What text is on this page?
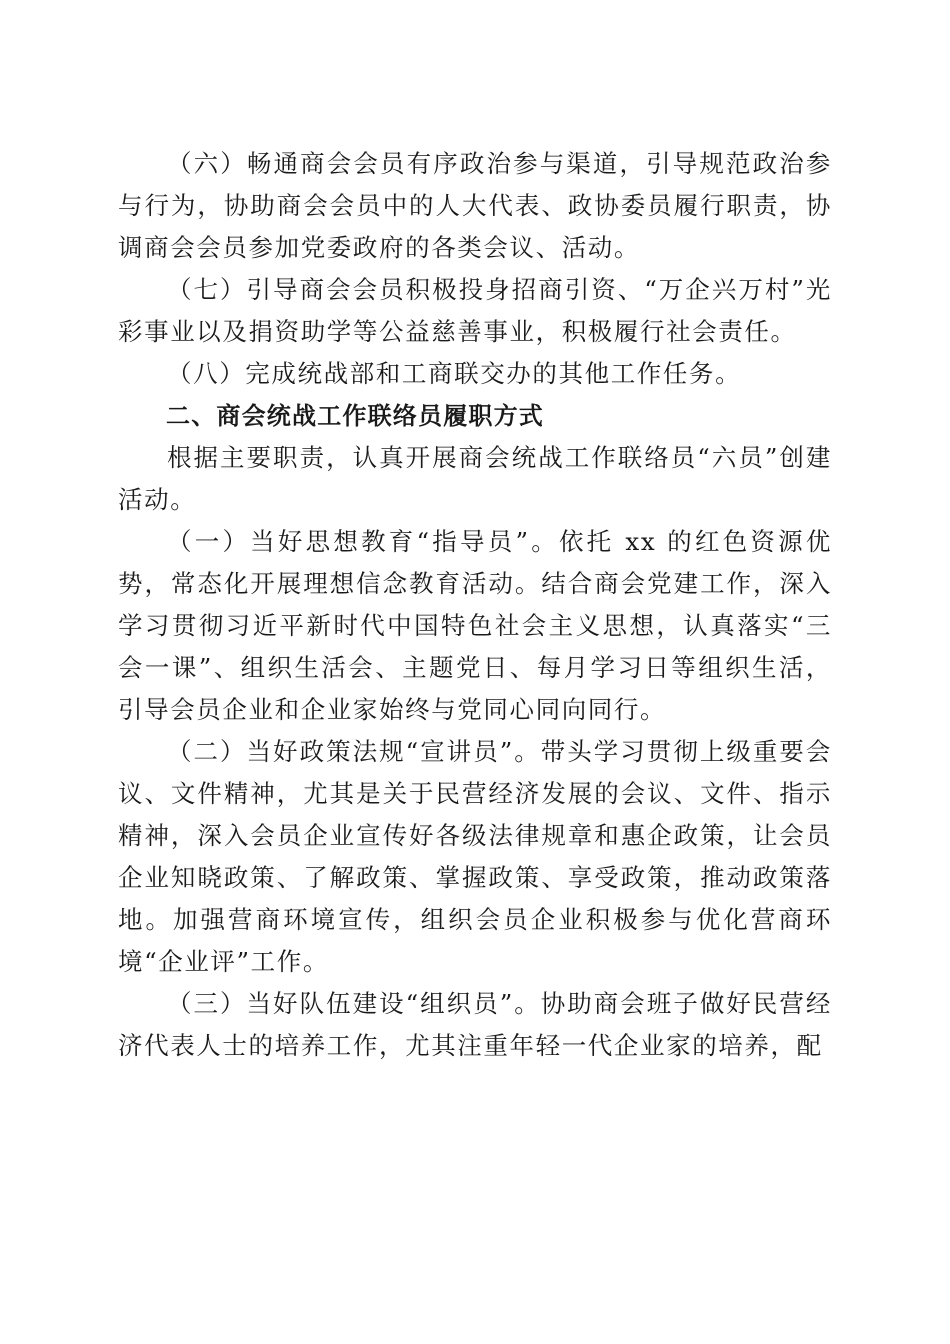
（六）畅通商会会员有序政治参与渠道，引导规范政治参与行为，协助商会会员中的人大代表、政协委员履行职责，协调商会会员参加党委政府的各类会议、活动。

（七）引导商会会员积极投身招商引资、“万企兴万村”光彩事业以及捐资助学等公益慈善事业，积极履行社会责任。

（八）完成统战部和工商联交办的其他工作任务。

二、商会统战工作联络员履职方式

根据主要职责，认真开展商会统战工作联络员“六员”创建活动。

（一）当好思想教育“指导员”。依托 xx 的红色资源优势，常态化开展理想信念教育活动。结合商会党建工作，深入学习贯彻习近平新时代中国特色社会主义思想，认真落实“三会一课”、组织生活会、主题党日、每月学习日等组织生活，引导会员企业和企业家始终与党同心同向同行。

（二）当好政策法规“宣讲员”。带头学习贯彻上级重要会议、文件精神，尤其是关于民营经济发展的会议、文件、指示精神，深入会员企业宣传好各级法律规章和惠企政策，让会员企业知晓政策、了解政策、掌握政策、享受政策，推动政策落地。加强营商环境宣传，组织会员企业积极参与优化营商环境“企业评”工作。

（三）当好队伍建设“组织员”。协助商会班子做好民营经济代表人士的培养工作，尤其注重年轻一代企业家的培养，配
